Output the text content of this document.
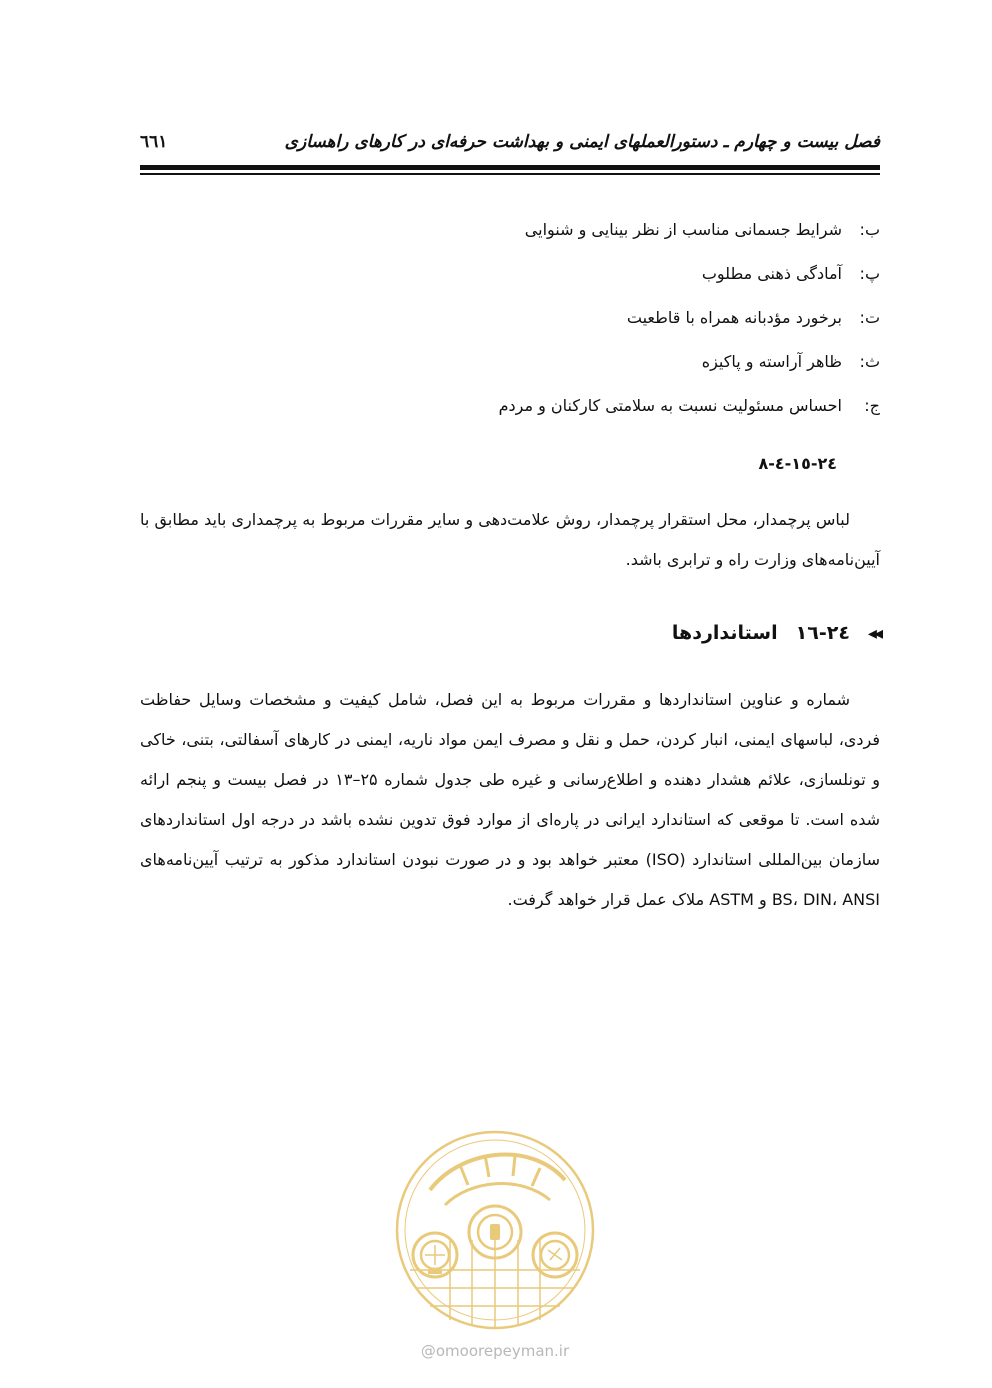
فصل بیست و چهارم ـ دستورالعملهای ایمنی و بهداشت حرفه‌ای در کارهای راهسازی
٦٦١
ب:
شرایط جسمانی مناسب از نظر بینایی و شنوایی
پ:
آمادگی ذهنی مطلوب
ت:
برخورد مؤدبانه همراه با قاطعیت
ث:
ظاهر آراسته و پاکیزه
ج:
احساس مسئولیت نسبت به سلامتی کارکنان و مردم
٢٤-١٥-٤-٨

لباس پرچمدار، محل استقرار پرچمدار، روش علامت‌دهی و سایر مقررات مربوط به پرچمداری باید مطابق با آیین‌نامه‌های وزارت راه و ترابری باشد.

◂◂
٢٤-١٦
استانداردها

شماره و عناوین استانداردها و مقررات مربوط به این فصل، شامل کیفیت و مشخصات وسایل حفاظت فردی، لباسهای ایمنی، انبار کردن، حمل و نقل و مصرف ایمن مواد ناریه، ایمنی در کارهای آسفالتی، بتنی، خاکی و تونلسازی، علائم هشدار دهنده و اطلاع‌رسانی و غیره طی جدول شماره ۲۵–۱۳ در فصل بیست و پنجم ارائه شده است. تا موقعی که استاندارد ایرانی در پاره‌ای از موارد فوق تدوین نشده باشد در درجه اول استانداردهای سازمان بین‌المللی استاندارد (ISO) معتبر خواهد بود و در صورت نبودن استاندارد مذکور به ترتیب آیین‌نامه‌های BS، DIN، ANSI و ASTM ملاک عمل قرار خواهد گرفت.

@omoorepeyman.ir
